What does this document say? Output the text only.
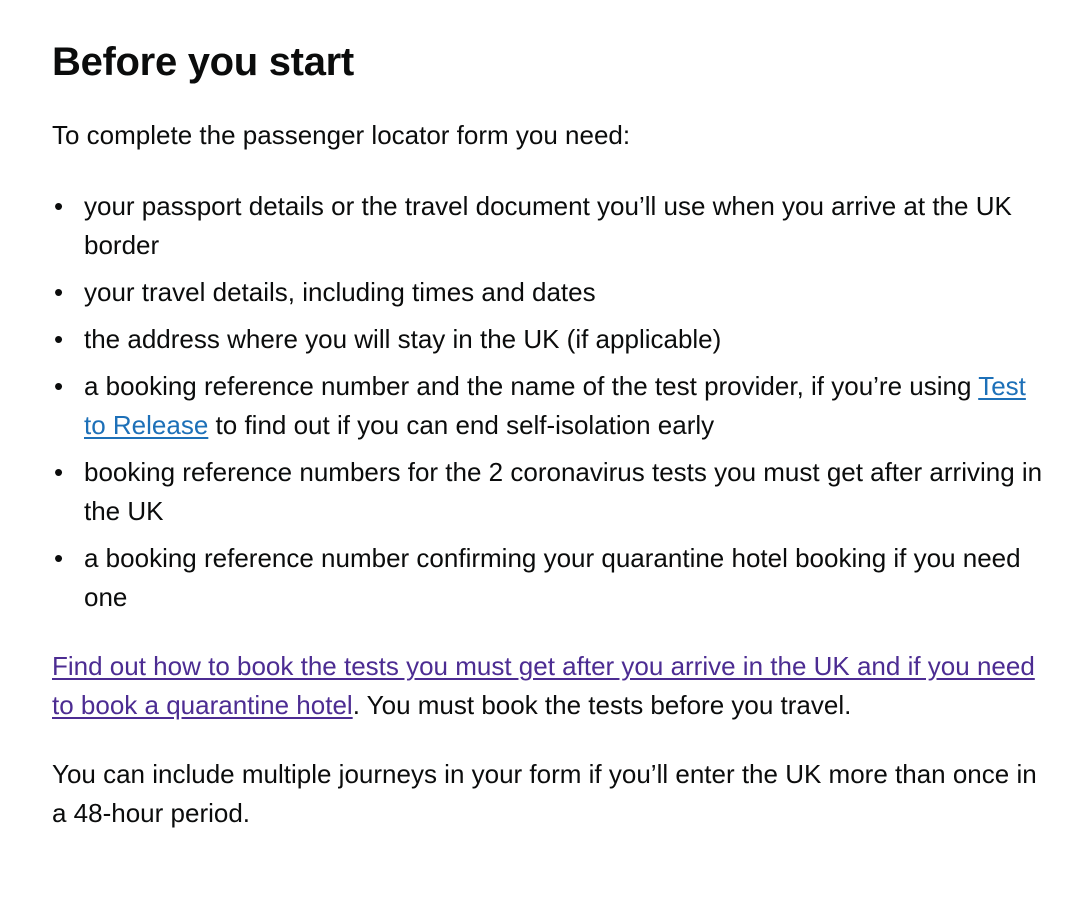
Before you start

To complete the passenger locator form you need:

• your passport details or the travel document you’ll use when you arrive at the UK border
• your travel details, including times and dates
• the address where you will stay in the UK (if applicable)
• a booking reference number and the name of the test provider, if you’re using Test to Release to find out if you can end self-isolation early
• booking reference numbers for the 2 coronavirus tests you must get after arriving in the UK
• a booking reference number confirming your quarantine hotel booking if you need one

Find out how to book the tests you must get after you arrive in the UK and if you need to book a quarantine hotel. You must book the tests before you travel.

You can include multiple journeys in your form if you’ll enter the UK more than once in a 48-hour period.
